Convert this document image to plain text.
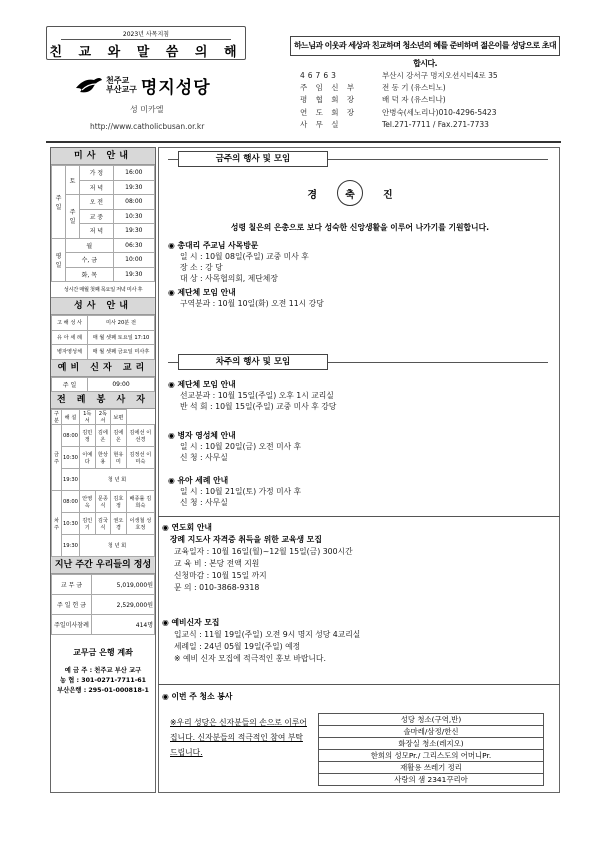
2023년 사목지침
친 교 와 말 씀 의 해	하느님과 이웃과 세상과 친교하며 청소년의 혜를 준비하며 젊은이를 성당으로 초대합시다.
천주교
부산교구 명지성당
성 미카엘
http://www.catholicbusan.or.kr
46763	부산시 강서구 명지오션시티4로 35
주 임 신 부	전 동 기 (유스티노)
평 협 회 장	배 덕 자 (유스티나)
연 도 회 장	안병숙(세노리나)010-4296-5423
사 무 실	Tel.271-7711 / Fax.271-7733
미사 안내
주일	토	가 정	16:00
		저 녁	19:30
	주일	오 전	08:00
		교 중	10:30
		저 녁	19:30
평일	월		06:30
	수, 금		10:00
	화, 목		19:30
성시간 매월 첫째 목요일 저녁 미사 후
성사 안내
고 해 성 사	미사 20분 전
유 아 세 례	매 월 셋째 토요일 17:10
병자영성체	매 월 셋째 금요일 미사후
예비 신자 교리
주 일	09:00
전 례 봉 사 자
구 분	해 설	1독서	2독서	보편	
금주	08:00	김민정	김에온	김에온	김에선 이선경
	10:30	이예다	한상용	현유미	김정선 이미숙
	19:30	청 년 회			
차주	08:00	안영옥	문종식	김호정	배종률 김희숙
	10:30	김인기	김국식	권오경	이생철 성호정
	19:30	청 년 회			
지난 주간 우리들의 정성
교 무 금	5,019,000원
주 일 헌 금	2,529,000원
주일미사참례	414명
교무금 은행 계좌
예 금 주 : 천주교 부산 교구
농 협 : 301-0271-7711-61
부산은행 : 295-01-000818-1
금주의 행사 및 모임
경	축	진
성령 칠은의 은총으로 보다 성숙한 신앙생활을 이루어 나가기를 기원합니다.
◉ 총대리 주교님 사목방문
일 시 : 10월 08일(주일) 교중 미사 후
장 소 : 강 당
대 상 : 사목협의회, 제단체장
◉ 제단체 모임 안내
구역분과 : 10월 10일(화) 오전 11시 강당
차주의 행사 및 모임
◉ 제단체 모임 안내
선교분과 : 10월 15일(주일) 오후 1시 교리실
반 석 회 : 10월 15일(주일) 교중 미사 후 강당
◉ 병자 영성체 안내
일 시 : 10월 20일(금) 오전 미사 후
신 청 : 사무실
◉ 유아 세례 안내
일 시 : 10월 21일(토) 가정 미사 후
신 청 : 사무실
◉ 연도회 안내
장례 지도사 자격증 취득을 위한 교육생 모집
교육일자 : 10월 16일(월)~12월 15일(금) 300시간
교 육 비 : 본당 전액 지원
신청마감 : 10월 15일 까지
문 의 : 010-3868-9318
◉ 예비신자 모집
입교식 : 11월 19일(주일) 오전 9시 명지 성당 4교리실
세례일 : 24년 05월 19일(주일) 예정
※ 예비 신자 모집에 적극적인 홍보 바랍니다.
◉ 이번 주 청소 봉사
※우리 성당은 신자분들의 손으로 이루어 집니다. 신자분들의 적극적인 참여 부탁드립니다.
성당 청소(구역,반)
솔마레/삼정/한신
화장실 청소(레지오)
한희의 성모Pr./ 그리스도의 어머니Pr.
재활용 쓰레기 정리
사랑의 샘 2341꾸리아
